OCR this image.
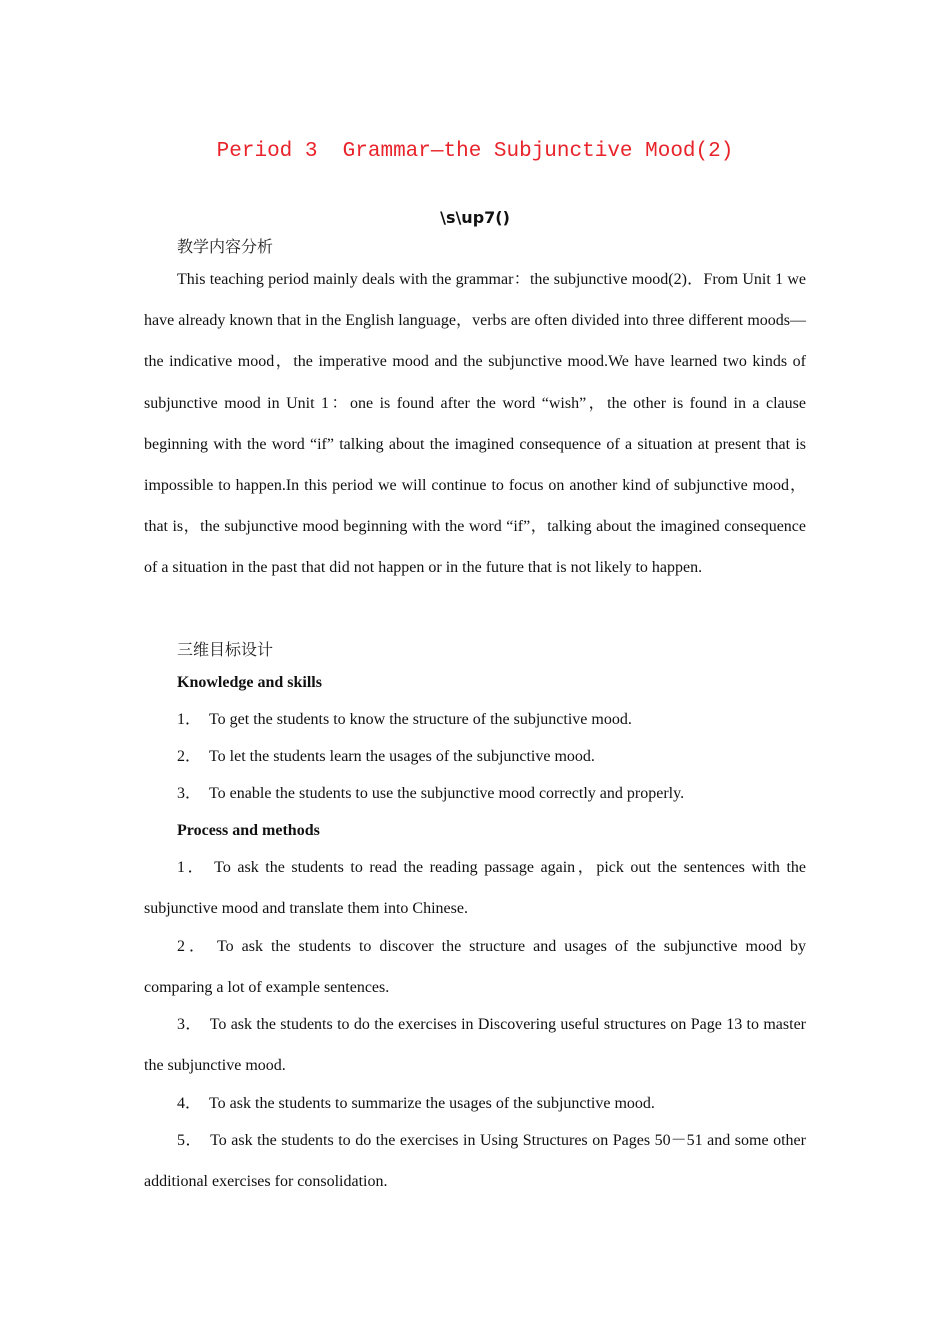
Period 3  Grammar—the Subjunctive Mood(2)
\s\up7()
教学内容分析
This teaching period mainly deals with the grammar：the subjunctive mood(2)．From Unit 1 we have already known that in the English language，verbs are often divided into three different moods—the indicative mood，the imperative mood and the subjunctive mood.We have learned two kinds of subjunctive mood in Unit 1：one is found after the word “wish”，the other is found in a clause beginning with the word “if” talking about the imagined consequence of a situation at present that is impossible to happen.In this period we will continue to focus on another kind of subjunctive mood，that is，the subjunctive mood beginning with the word “if”，talking about the imagined consequence of a situation in the past that did not happen or in the future that is not likely to happen.
三维目标设计
Knowledge and skills
1． To get the students to know the structure of the subjunctive mood.
2． To let the students learn the usages of the subjunctive mood.
3． To enable the students to use the subjunctive mood correctly and properly.
Process and methods
1． To ask the students to read the reading passage again，pick out the sentences with the subjunctive mood and translate them into Chinese.
2． To ask the students to discover the structure and usages of the subjunctive mood by comparing a lot of example sentences.
3． To ask the students to do the exercises in Discovering useful structures on Page 13 to master the subjunctive mood.
4． To ask the students to summarize the usages of the subjunctive mood.
5． To ask the students to do the exercises in Using Structures on Pages 50－51 and some other additional exercises for consolidation.
